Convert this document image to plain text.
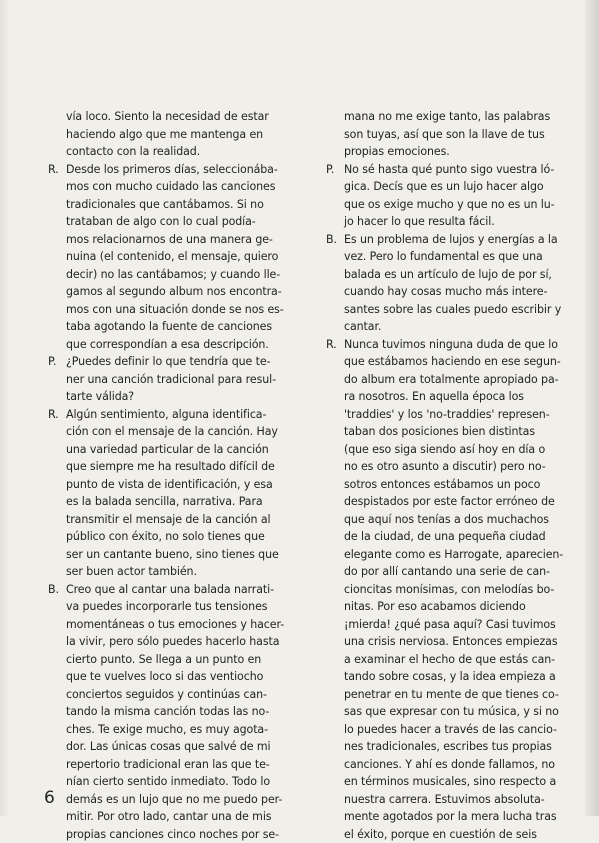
vía loco. Siento la necesidad de estar
haciendo algo que me mantenga en
contacto con la realidad.
R. Desde los primeros días, seleccionába-
mos con mucho cuidado las canciones
tradicionales que cantábamos. Si no
trataban de algo con lo cual podía-
mos relacionarnos de una manera ge-
nuina (el contenido, el mensaje, quiero
decir) no las cantábamos; y cuando lle-
gamos al segundo album nos encontra-
mos con una situación donde se nos es-
taba agotando la fuente de canciones
que correspondían a esa descripción.
P. ¿Puedes definir lo que tendría que te-
ner una canción tradicional para resul-
tarte válida?
R. Algún sentimiento, alguna identifica-
ción con el mensaje de la canción. Hay
una variedad particular de la canción
que siempre me ha resultado difícil de
punto de vista de identificación, y esa
es la balada sencilla, narrativa. Para
transmitir el mensaje de la canción al
público con éxito, no solo tienes que
ser un cantante bueno, sino tienes que
ser buen actor también.
B. Creo que al cantar una balada narrati-
va puedes incorporarle tus tensiones
momentáneas o tus emociones y hacer-
la vivir, pero sólo puedes hacerlo hasta
cierto punto. Se llega a un punto en
que te vuelves loco si das ventiocho
conciertos seguidos y continúas can-
tando la misma canción todas las no-
ches. Te exige mucho, es muy agota-
dor. Las únicas cosas que salvé de mi
repertorio tradicional eran las que te-
nían cierto sentido inmediato. Todo lo
demás es un lujo que no me puedo per-
mitir. Por otro lado, cantar una de mis
propias canciones cinco noches por se-
mana no me exige tanto, las palabras
son tuyas, así que son la llave de tus
propias emociones.
P. No sé hasta qué punto sigo vuestra ló-
gica. Decís que es un lujo hacer algo
que os exige mucho y que no es un lu-
jo hacer lo que resulta fácil.
B. Es un problema de lujos y energías a la
vez. Pero lo fundamental es que una
balada es un artículo de lujo de por sí,
cuando hay cosas mucho más intere-
santes sobre las cuales puedo escribir y
cantar.
R. Nunca tuvimos ninguna duda de que lo
que estábamos haciendo en ese segun-
do album era totalmente apropiado pa-
ra nosotros. En aquella época los
'traddies' y los 'no-traddies' represen-
taban dos posiciones bien distintas
(que eso siga siendo así hoy en día o
no es otro asunto a discutir) pero no-
sotros entonces estábamos un poco
despistados por este factor erróneo de
que aquí nos tenías a dos muchachos
de la ciudad, de una pequeña ciudad
elegante como es Harrogate, aparecien-
do por allí cantando una serie de can-
cioncitas monísimas, con melodías bo-
nitas. Por eso acabamos diciendo
¡mierda! ¿qué pasa aquí? Casi tuvimos
una crisis nerviosa. Entonces empiezas
a examinar el hecho de que estás can-
tando sobre cosas, y la idea empieza a
penetrar en tu mente de que tienes co-
sas que expresar con tu música, y si no
lo puedes hacer a través de las cancio-
nes tradicionales, escribes tus propias
canciones. Y ahí es donde fallamos, no
en términos musicales, sino respecto a
nuestra carrera. Estuvimos absoluta-
mente agotados por la mera lucha tras
el éxito, porque en cuestión de seis
6
